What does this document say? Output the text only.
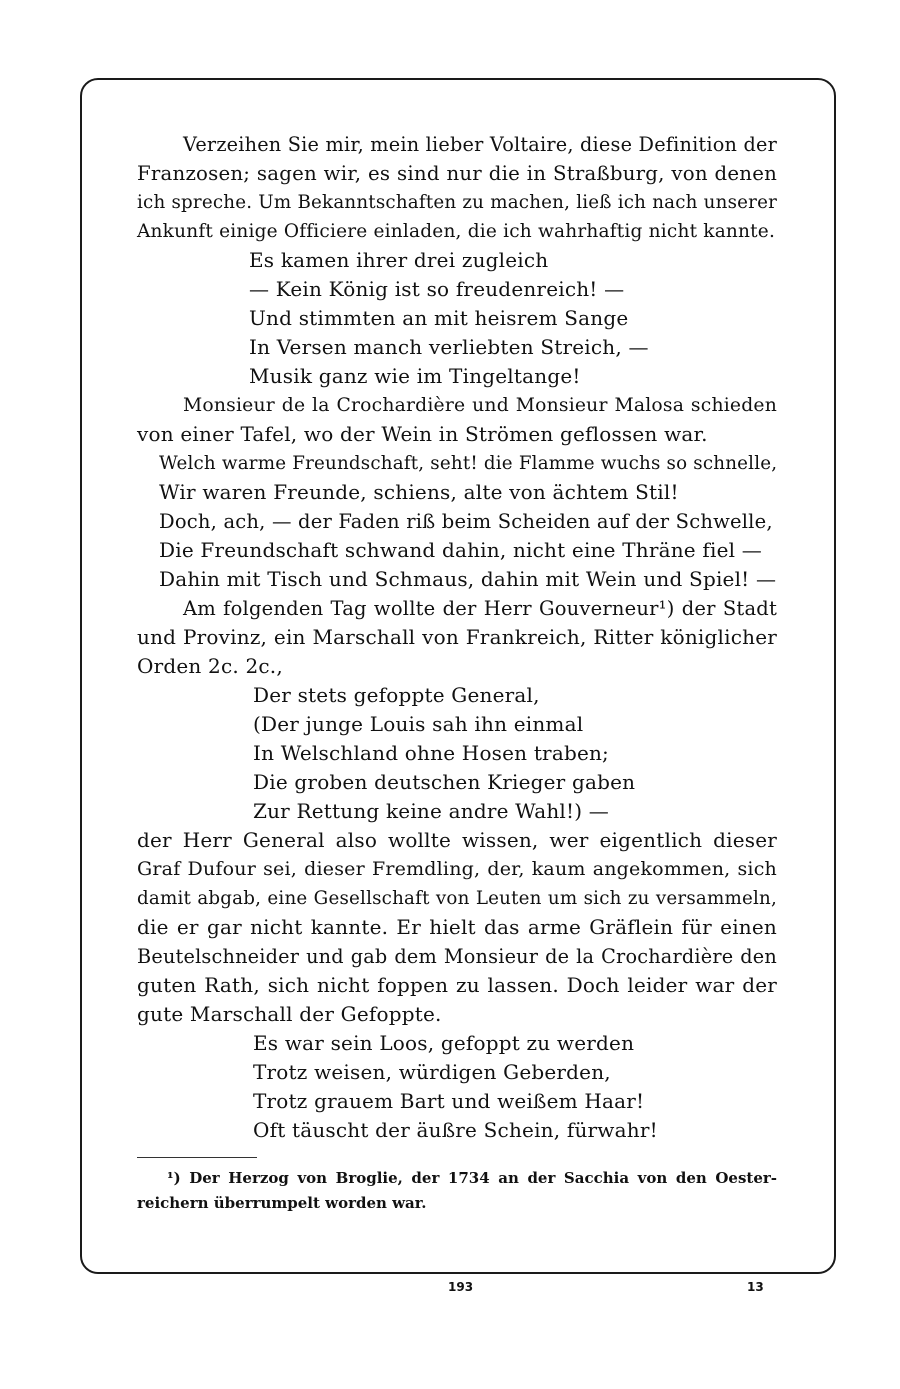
Verzeihen Sie mir, mein lieber Voltaire, diese Definition der
Franzosen; sagen wir, es sind nur die in Straßburg, von denen
ich spreche. Um Bekanntschaften zu machen, ließ ich nach unserer
Ankunft einige Officiere einladen, die ich wahrhaftig nicht kannte.
Es kamen ihrer drei zugleich
— Kein König ist so freudenreich! —
Und stimmten an mit heisrem Sange
In Versen manch verliebten Streich, —
Musik ganz wie im Tingeltange!
Monsieur de la Crochardière und Monsieur Malosa schieden
von einer Tafel, wo der Wein in Strömen geflossen war.
Welch warme Freundschaft, seht! die Flamme wuchs so schnelle,
Wir waren Freunde, schiens, alte von ächtem Stil!
Doch, ach, — der Faden riß beim Scheiden auf der Schwelle,
Die Freundschaft schwand dahin, nicht eine Thräne fiel —
Dahin mit Tisch und Schmaus, dahin mit Wein und Spiel! —
Am folgenden Tag wollte der Herr Gouverneur¹) der Stadt
und Provinz, ein Marschall von Frankreich, Ritter königlicher
Orden 2c. 2c.,
Der stets gefoppte General,
(Der junge Louis sah ihn einmal
In Welschland ohne Hosen traben;
Die groben deutschen Krieger gaben
Zur Rettung keine andre Wahl!) —
der Herr General also wollte wissen, wer eigentlich dieser
Graf Dufour sei, dieser Fremdling, der, kaum angekommen, sich
damit abgab, eine Gesellschaft von Leuten um sich zu versammeln,
die er gar nicht kannte. Er hielt das arme Gräflein für einen
Beutelschneider und gab dem Monsieur de la Crochardière den
guten Rath, sich nicht foppen zu lassen. Doch leider war der
gute Marschall der Gefoppte.
Es war sein Loos, gefoppt zu werden
Trotz weisen, würdigen Geberden,
Trotz grauem Bart und weißem Haar!
Oft täuscht der äußre Schein, fürwahr!
¹) Der Herzog von Broglie, der 1734 an der Sacchia von den Oester-
reichern überrumpelt worden war.
193	13
